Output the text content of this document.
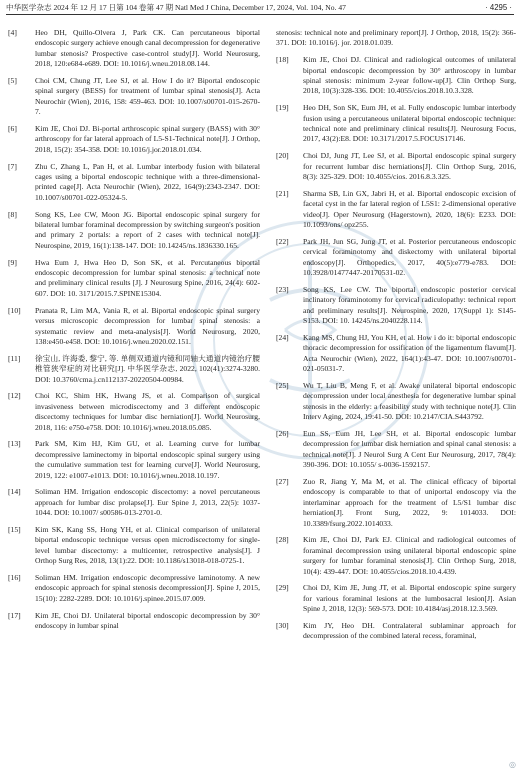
中华医学杂志 2024 年 12 月 17 日第 104 卷第 47 期 Natl Med J China, December 17, 2024, Vol. 104, No. 47	· 4295 ·

[4]	Heo DH, Quillo-Olvera J, Park CK. Can percutaneous biportal endoscopic surgery achieve enough canal decompression for degenerative lumbar stenosis? Prospective case-control study[J]. World Neurosurg, 2018, 120:e684-e689. DOI: 10.1016/j.wneu.2018.08.144.

[5]	Choi CM, Chung JT, Lee SJ, et al. How I do it? Biportal endoscopic spinal surgery (BESS) for treatment of lumbar spinal stenosis[J]. Acta Neurochir (Wien), 2016, 158: 459-463. DOI: 10.1007/s00701-015-2670-7.

[6]	Kim JE, Choi DJ. Bi-portal arthroscopic spinal surgery (BASS) with 30° arthroscopy for far lateral approach of L5-S1-Technical note[J]. J Orthop, 2018, 15(2): 354-358. DOI: 10.1016/j.jor.2018.01.034.

[7]	Zhu C, Zhang L, Pan H, et al. Lumbar interbody fusion with bilateral cages using a biportal endoscopic technique with a three-dimensional-printed cage[J]. Acta Neurochir (Wien), 2022, 164(9):2343-2347. DOI: 10.1007/s00701-022-05324-5.

[8]	Song KS, Lee CW, Moon JG. Biportal endoscopic spinal surgery for bilateral lumbar foraminal decompression by switching surgeon's position and primary 2 portals: a report of 2 cases with technical note[J]. Neurospine, 2019, 16(1):138-147. DOI: 10.14245/ns.1836330.165.

[9]	Hwa Eum J, Hwa Heo D, Son SK, et al. Percutaneous biportal endoscopic decompression for lumbar spinal stenosis: a technical note and preliminary clinical results [J]. J Neurosurg Spine, 2016, 24(4): 602-607. DOI: 10. 3171/2015.7.SPINE15304.

[10]	Pranata R, Lim MA, Vania R, et al. Biportal endoscopic spinal surgery versus microscopic decompression for lumbar spinal stenosis: a systematic review and meta-analysis[J]. World Neurosurg, 2020, 138:e450-e458. DOI: 10.1016/j.wneu.2020.02.151.

[11]	徐宝山, 许海委, 黎宁, 等. 单侧双通道内镜和同轴大通道内镜治疗腰椎管狭窄症的对比研究[J]. 中华医学杂志, 2022, 102(41):3274-3280. DOI: 10.3760/cma.j.cn112137-20220504-00984.

[12]	Choi KC, Shim HK, Hwang JS, et al. Comparison of surgical invasiveness between microdiscectomy and 3 different endoscopic discectomy techniques for lumbar disc herniation[J]. World Neurosurg, 2018, 116: e750-e758. DOI: 10.1016/j.wneu.2018.05.085.

[13]	Park SM, Kim HJ, Kim GU, et al. Learning curve for lumbar decompressive laminectomy in biportal endoscopic spinal surgery using the cumulative summation test for learning curve[J]. World Neurosurg, 2019, 122: e1007-e1013. DOI: 10.1016/j.wneu.2018.10.197.

[14]	Soliman HM. Irrigation endoscopic discectomy: a novel percutaneous approach for lumbar disc prolapse[J]. Eur Spine J, 2013, 22(5): 1037-1044. DOI: 10.1007/ s00586-013-2701-0.

[15]	Kim SK, Kang SS, Hong YH, et al. Clinical comparison of unilateral biportal endoscopic technique versus open microdiscectomy for single-level lumbar discectomy: a multicenter, retrospective analysis[J]. J Orthop Surg Res, 2018, 13(1):22. DOI: 10.1186/s13018-018-0725-1.

[16]	Soliman HM. Irrigation endoscopic decompressive laminotomy. A new endoscopic approach for spinal stenosis decompression[J]. Spine J, 2015, 15(10): 2282-2289. DOI: 10.1016/j.spinee.2015.07.009.

[17]	Kim JE, Choi DJ. Unilateral biportal endoscopic decompression by 30° endoscopy in lumbar spinal

stenosis: technical note and preliminary report[J]. J Orthop, 2018, 15(2): 366-371. DOI: 10.1016/j. jor. 2018.01.039.

[18]	Kim JE, Choi DJ. Clinical and radiological outcomes of unilateral biportal endoscopic decompression by 30° arthroscopy in lumbar spinal stenosis: minimum 2-year follow-up[J]. Clin Orthop Surg, 2018, 10(3):328-336. DOI: 10.4055/cios.2018.10.3.328.

[19]	Heo DH, Son SK, Eum JH, et al. Fully endoscopic lumbar interbody fusion using a percutaneous unilateral biportal endoscopic technique: technical note and preliminary clinical results[J]. Neurosurg Focus, 2017, 43(2):E8. DOI: 10.3171/2017.5.FOCUS17146.

[20]	Choi DJ, Jung JT, Lee SJ, et al. Biportal endoscopic spinal surgery for recurrent lumbar disc herniations[J]. Clin Orthop Surg, 2016, 8(3): 325-329. DOI: 10.4055/cios. 2016.8.3.325.

[21]	Sharma SB, Lin GX, Jabri H, et al. Biportal endoscopic excision of facetal cyst in the far lateral region of L5S1: 2-dimensional operative video[J]. Oper Neurosurg (Hagerstown), 2020, 18(6): E233. DOI: 10.1093/ons/ opz255.

[22]	Park JH, Jun SG, Jung JT, et al. Posterior percutaneous endoscopic cervical foraminotomy and diskectomy with unilateral biportal endoscopy[J]. Orthopedics, 2017, 40(5):e779-e783. DOI: 10.3928/01477447-20170531-02.

[23]	Song KS, Lee CW. The biportal endoscopic posterior cervical inclinatory foraminotomy for cervical radiculopathy: technical report and preliminary results[J]. Neurospine, 2020, 17(Suppl 1): S145-S153. DOI: 10. 14245/ns.2040228.114.

[24]	Kang MS, Chung HJ, You KH, et al. How i do it: biportal endoscopic thoracic decompression for ossification of the ligamentum flavum[J]. Acta Neurochir (Wien), 2022, 164(1):43-47. DOI: 10.1007/s00701-021-05031-7.

[25]	Wu T, Liu B, Meng F, et al. Awake unilateral biportal endoscopic decompression under local anesthesia for degenerative lumbar spinal stenosis in the elderly: a feasibility study with technique note[J]. Clin Interv Aging, 2024, 19:41-50. DOI: 10.2147/CIA.S443792.

[26]	Eun SS, Eum JH, Lee SH, et al. Biportal endoscopic lumbar decompression for lumbar disk herniation and spinal canal stenosis: a technical note[J]. J Neurol Surg A Cent Eur Neurosurg, 2017, 78(4): 390-396. DOI: 10.1055/ s-0036-1592157.

[27]	Zuo R, Jiang Y, Ma M, et al. The clinical efficacy of biportal endoscopy is comparable to that of uniportal endoscopy via the interlaminar approach for the treatment of L5/S1 lumbar disc herniation[J]. Front Surg, 2022, 9: 1014033. DOI: 10.3389/fsurg.2022.1014033.

[28]	Kim JE, Choi DJ, Park EJ. Clinical and radiological outcomes of foraminal decompression using unilateral biportal endoscopic spine surgery for lumbar foraminal stenosis[J]. Clin Orthop Surg, 2018, 10(4): 439-447. DOI: 10.4055/cios.2018.10.4.439.

[29]	Choi DJ, Kim JE, Jung JT, et al. Biportal endoscopic spine surgery for various foraminal lesions at the lumbosacral lesion[J]. Asian Spine J, 2018, 12(3): 569-573. DOI: 10.4184/asj.2018.12.3.569.

[30]	Kim JY, Heo DH. Contralateral sublaminar approach for decompression of the combined lateral recess, foraminal,

◎
